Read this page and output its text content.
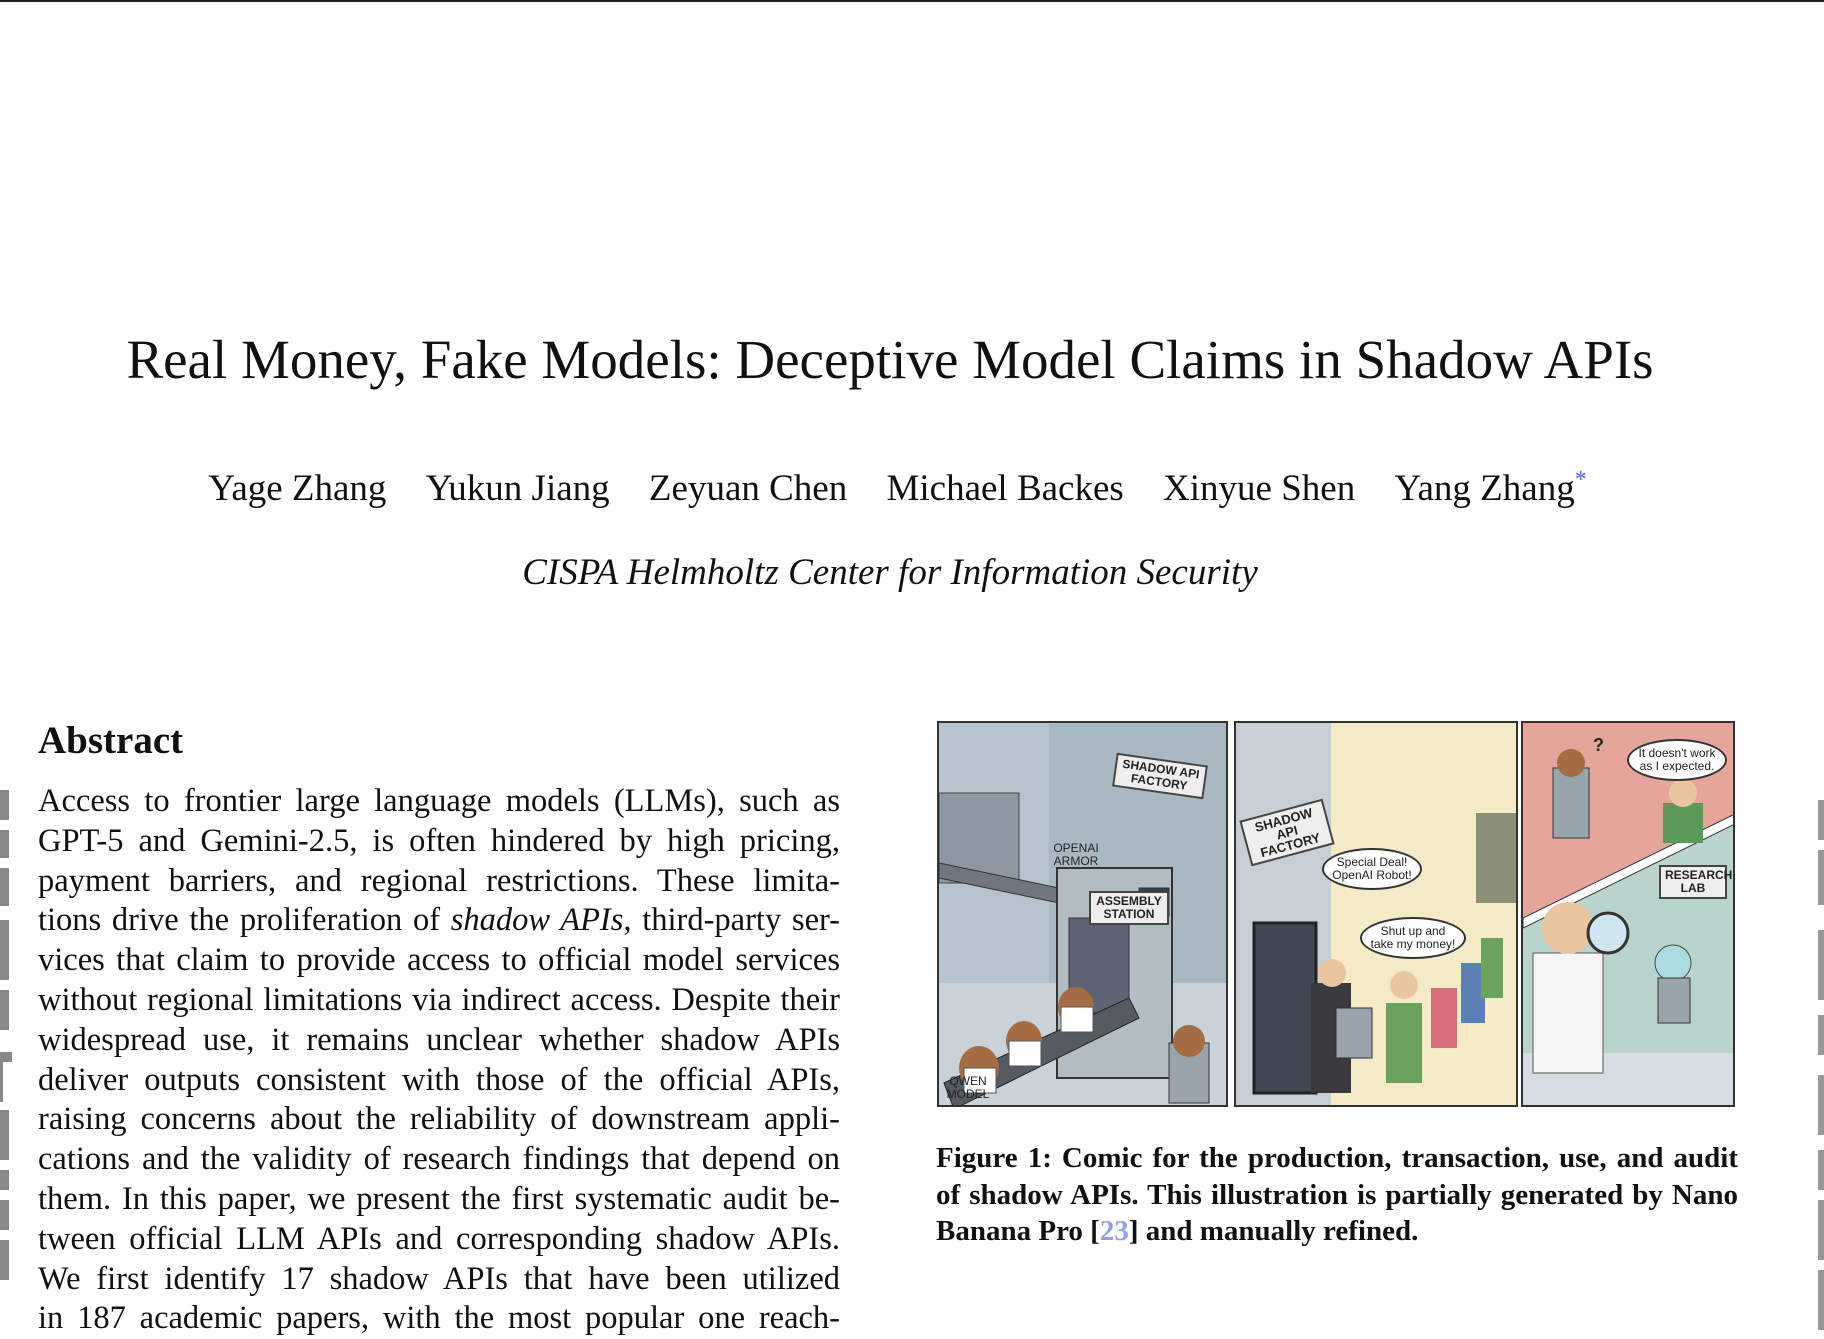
Real Money, Fake Models: Deceptive Model Claims in Shadow APIs
Yage Zhang Yukun Jiang Zeyuan Chen Michael Backes Xinyue Shen Yang Zhang*
CISPA Helmholtz Center for Information Security
Abstract
Access to frontier large language models (LLMs), such as
GPT-5 and Gemini-2.5, is often hindered by high pricing,
payment barriers, and regional restrictions. These limita-
tions drive the proliferation of shadow APIs, third-party ser-
vices that claim to provide access to official model services
without regional limitations via indirect access. Despite their
widespread use, it remains unclear whether shadow APIs
deliver outputs consistent with those of the official APIs,
raising concerns about the reliability of downstream appli-
cations and the validity of research findings that depend on
them. In this paper, we present the first systematic audit be-
tween official LLM APIs and corresponding shadow APIs.
We first identify 17 shadow APIs that have been utilized
in 187 academic papers, with the most popular one reach-
SHADOW API FACTORY
OPENAI ARMOR
ASSEMBLY STATION
QWEN MODEL
SHADOW API FACTORY
Special Deal! OpenAI Robot!
Shut up and take my money!
?	It doesn't work as I expected.
RESEARCH LAB
Figure 1: Comic for the production, transaction, use, and audit
of shadow APIs. This illustration is partially generated by Nano
Banana Pro [23] and manually refined.
